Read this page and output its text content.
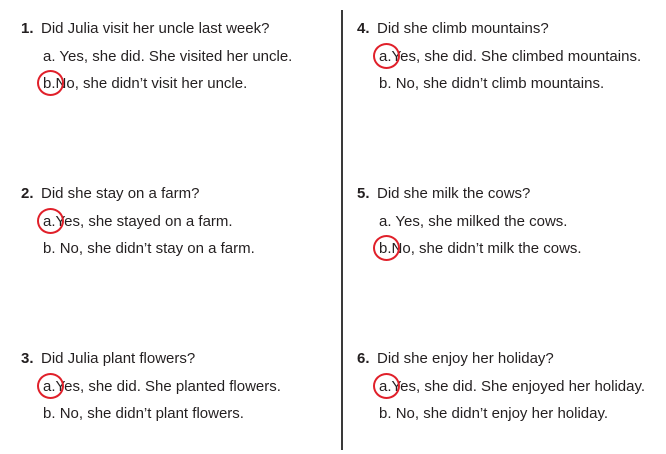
1. Did Julia visit her uncle last week?
a. Yes, she did. She visited her uncle.
b.No, she didn’t visit her uncle.
2. Did she stay on a farm?
a.Yes, she stayed on a farm.
b. No, she didn’t stay on a farm.
3. Did Julia plant flowers?
a.Yes, she did. She planted flowers.
b. No, she didn’t plant flowers.
4. Did she climb mountains?
a.Yes, she did. She climbed mountains.
b. No, she didn’t climb mountains.
5. Did she milk the cows?
a. Yes, she milked the cows.
b.No, she didn’t milk the cows.
6. Did she enjoy her holiday?
a.Yes, she did. She enjoyed her holiday.
b. No, she didn’t enjoy her holiday.
